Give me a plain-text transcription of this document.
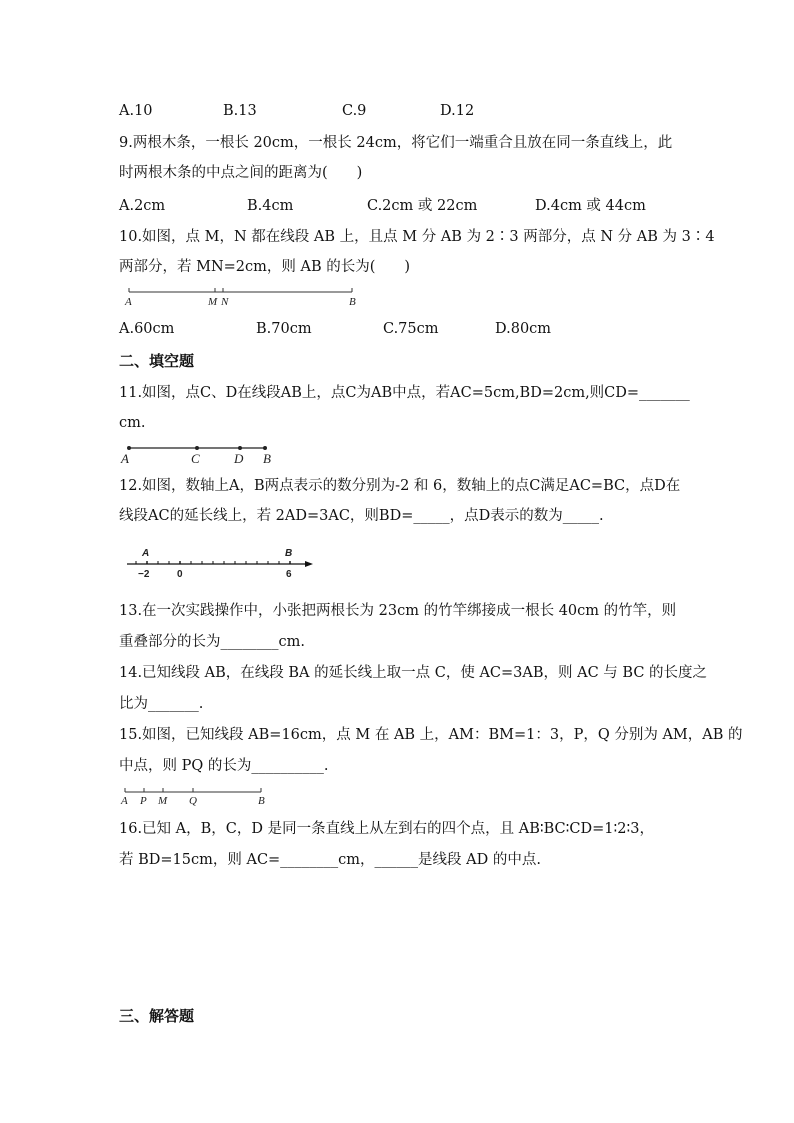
A.10	B.13	C.9	D.12
9.两根木条，一根长 20cm，一根长 24cm，将它们一端重合且放在同一条直线上，此
时两根木条的中点之间的距离为(　　)
A.2cm	B.4cm	C.2cm 或 22cm	D.4cm 或 44cm
10.如图，点 M，N 都在线段 AB 上，且点 M 分 AB 为 2∶3 两部分，点 N 分 AB 为 3∶4
两部分，若 MN=2cm，则 AB 的长为(　　)
A	M N	B
A.60cm	B.70cm	C.75cm	D.80cm
二、填空题
11.如图，点C、D在线段AB上，点C为AB中点，若AC=5cm,BD=2cm,则CD=_______
cm.
A	C	D B
12.如图，数轴上A，B两点表示的数分别为-2 和 6，数轴上的点C满足AC=BC，点D在
线段AC的延长线上，若 2AD=3AC，则BD=_____，点D表示的数为_____.
A	B
−2	0	6
13.在一次实践操作中，小张把两根长为 23cm 的竹竿绑接成一根长 40cm 的竹竿，则
重叠部分的长为________cm.
14.已知线段 AB，在线段 BA 的延长线上取一点 C，使 AC=3AB，则 AC 与 BC 的长度之
比为_______.
15.如图，已知线段 AB=16cm，点 M 在 AB 上，AM：BM=1：3，P，Q 分别为 AM，AB 的
中点，则 PQ 的长为__________.
A P M Q	B
16.已知 A，B，C，D 是同一条直线上从左到右的四个点，且 AB∶BC∶CD=1∶2∶3，
若 BD=15cm，则 AC=________cm，______是线段 AD 的中点.
三、解答题
